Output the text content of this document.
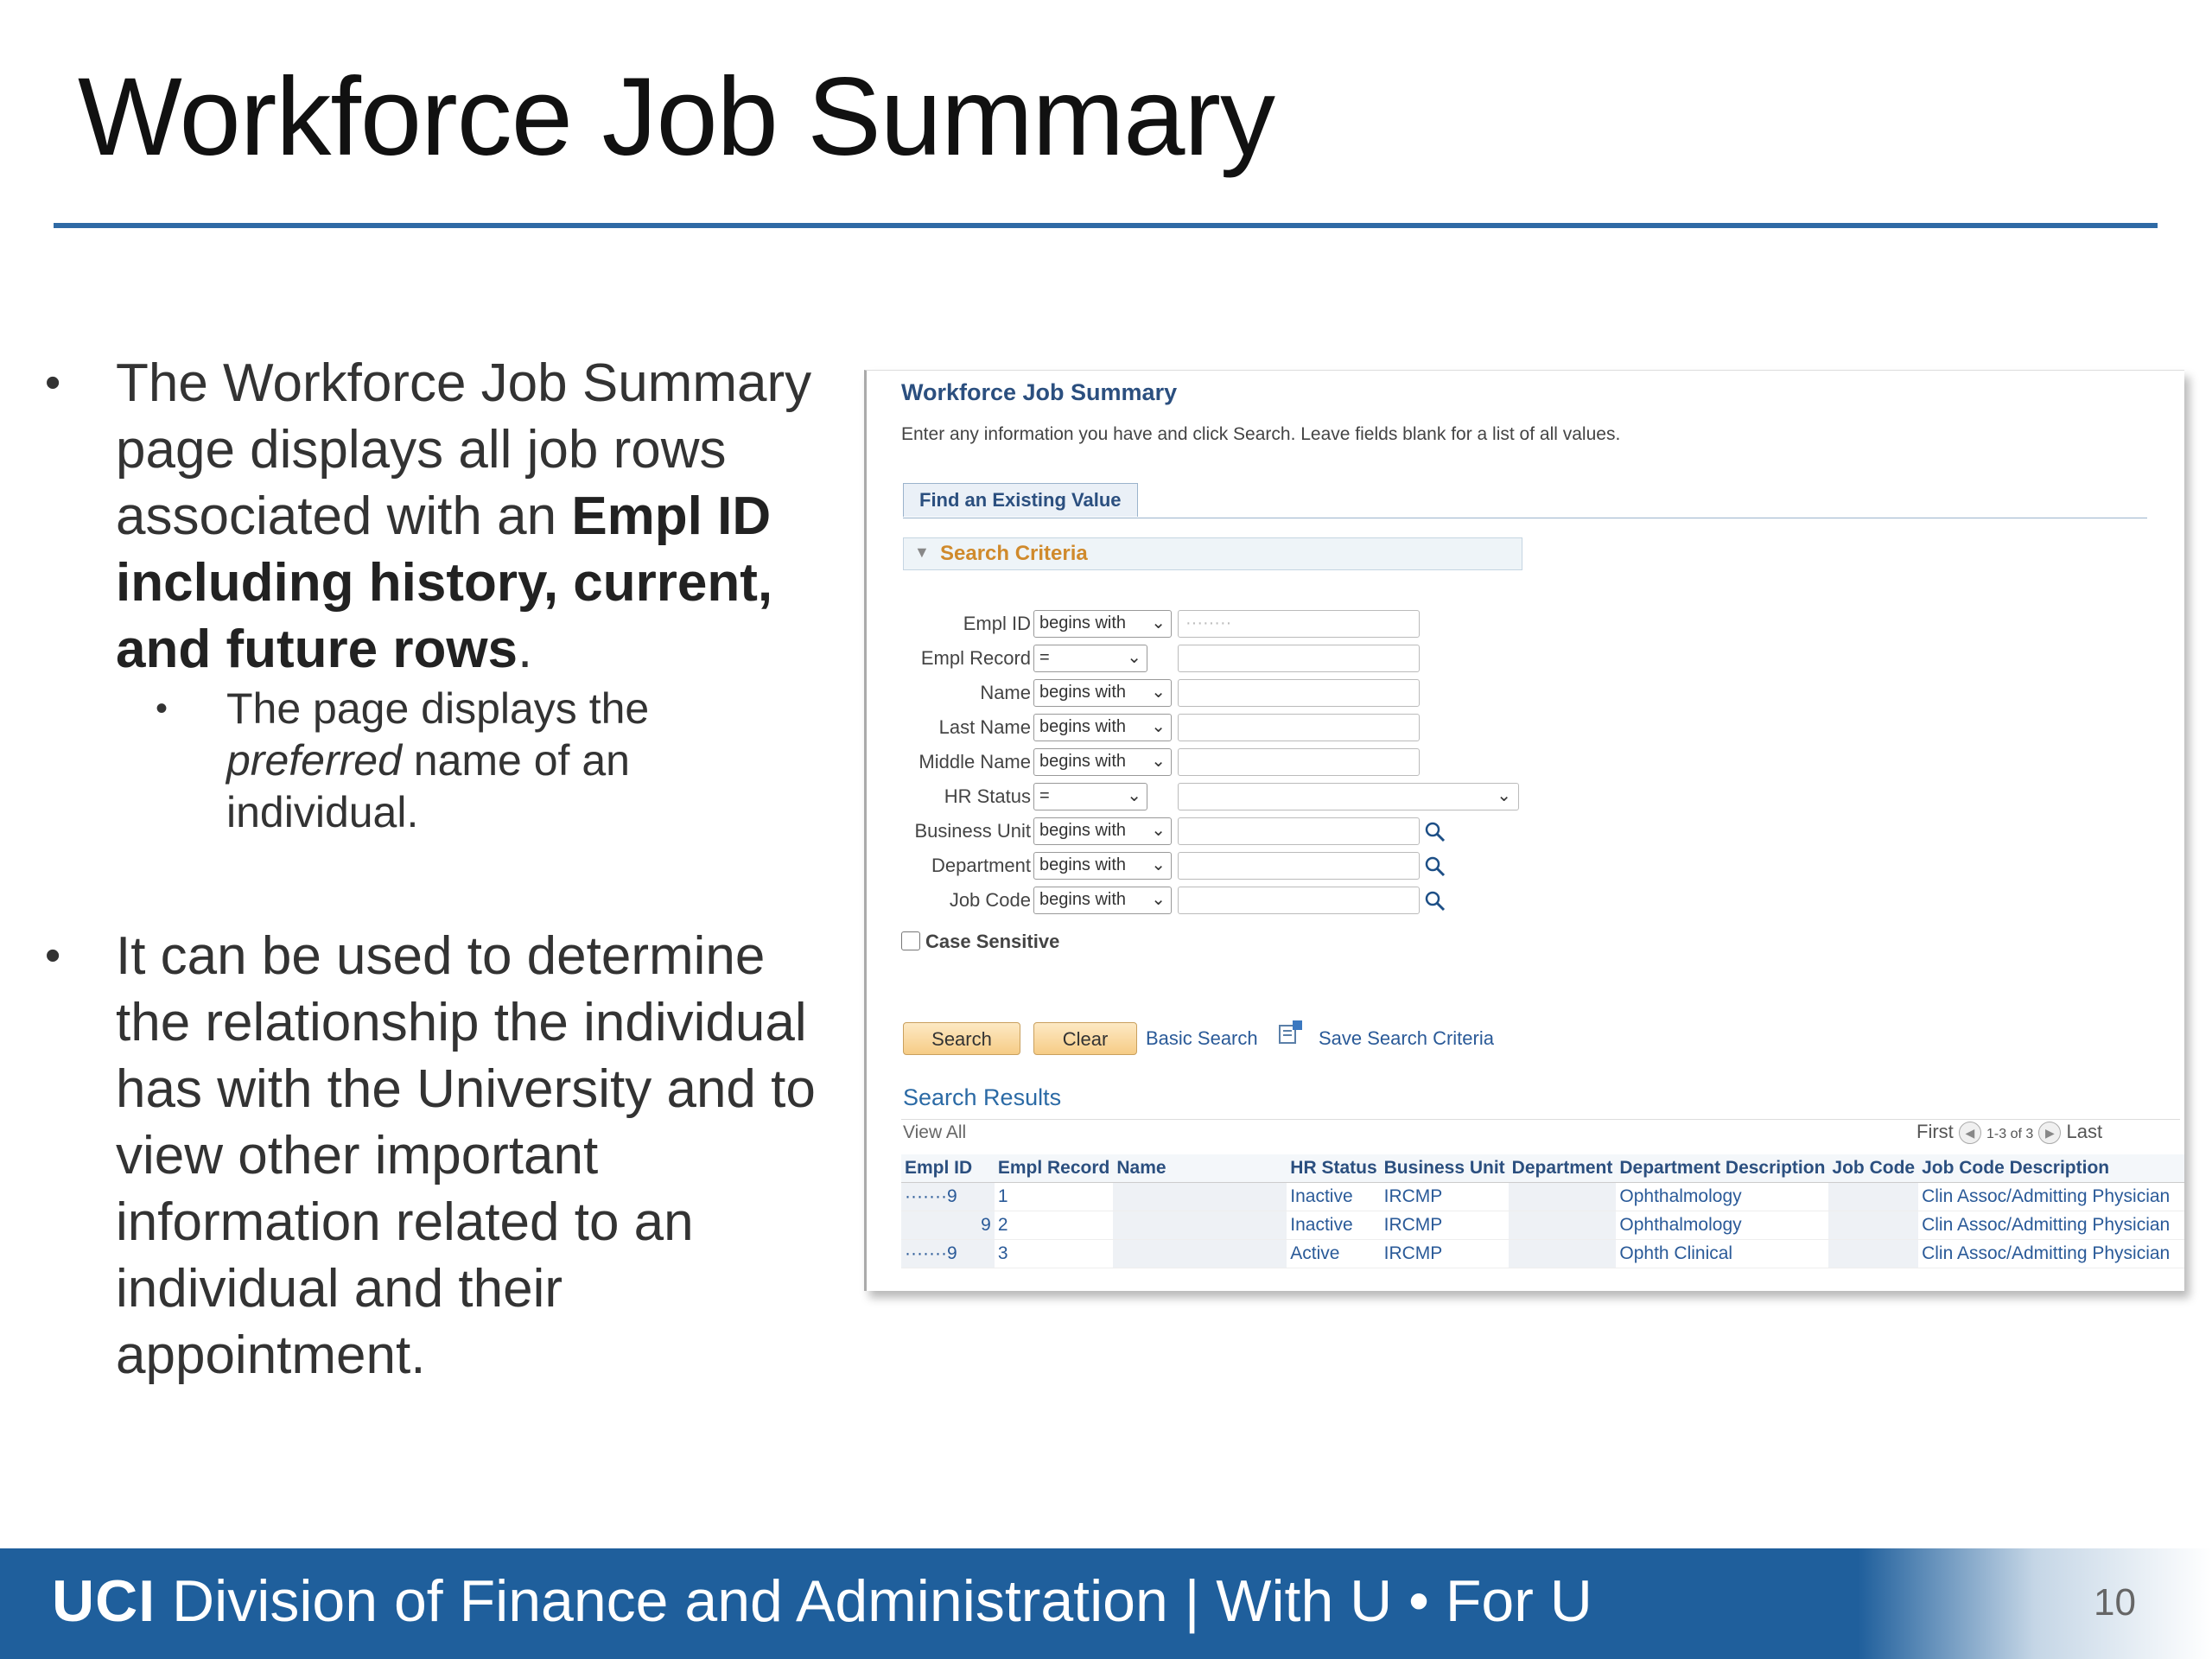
Workforce Job Summary
• The Workforce Job Summary page displays all job rows associated with an Empl ID including history, current, and future rows.
• The page displays the preferred name of an individual.
• It can be used to determine the relationship the individual has with the University and to view other important information related to an individual and their appointment.
Workforce Job Summary
Enter any information you have and click Search. Leave fields blank for a list of all values.
Find an Existing Value
▼ Search Criteria
Empl ID begins with ⌄	········
Empl Record =	⌄
Name begins with ⌄
Last Name begins with ⌄
Middle Name begins with ⌄
HR Status =	⌄	⌄
Business Unit begins with ⌄
Department begins with ⌄
Job Code begins with ⌄
Case Sensitive
Search	Clear	Basic Search	Save Search Criteria
Search Results
View All	First ◀ 1-3 of 3 ▶ Last
Empl ID	Empl Record	Name	HR Status	Business Unit	Department	Department Description	Job Code	Job Code Description
·······9	1		Inactive	IRCMP		Ophthalmology		Clin Assoc/Admitting Physician
9	2		Inactive	IRCMP		Ophthalmology		Clin Assoc/Admitting Physician
·······9	3		Active	IRCMP		Ophth Clinical		Clin Assoc/Admitting Physician
UCI Division of Finance and Administration | With U • For U	10
